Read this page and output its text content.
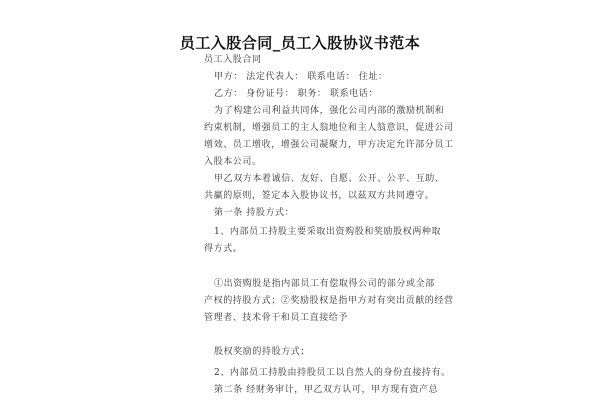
员工入股合同_员工入股协议书范本
员工入股合同
甲方： 法定代表人： 联系电话： 住址：
乙方： 身份证号： 职务： 联系电话：
为了构建公司利益共同体，强化公司内部的激励机制和
约束机制，增强员工的主人翁地位和主人翁意识，促进公司
增效、员工增收，增强公司凝聚力，甲方决定允许部分员工
入股本公司。
甲乙双方本着诚信、友好、自愿、公开、公平、互助、
共赢的原则，签定本入股协议书，以兹双方共同遵守。
第一条 持股方式：
1、内部员工持股主要采取出资购股和奖励股权两种取
得方式。
①出资购股是指内部员工有偿取得公司的部分或全部
产权的持股方式；②奖励股权是指甲方对有突出贡献的经营
管理者、技术骨干和员工直接给予
股权奖励的持股方式；
2、内部员工持股由持股员工以自然人的身份直接持有。
第二条 经财务审计，甲乙双方认可，甲方现有资产总
